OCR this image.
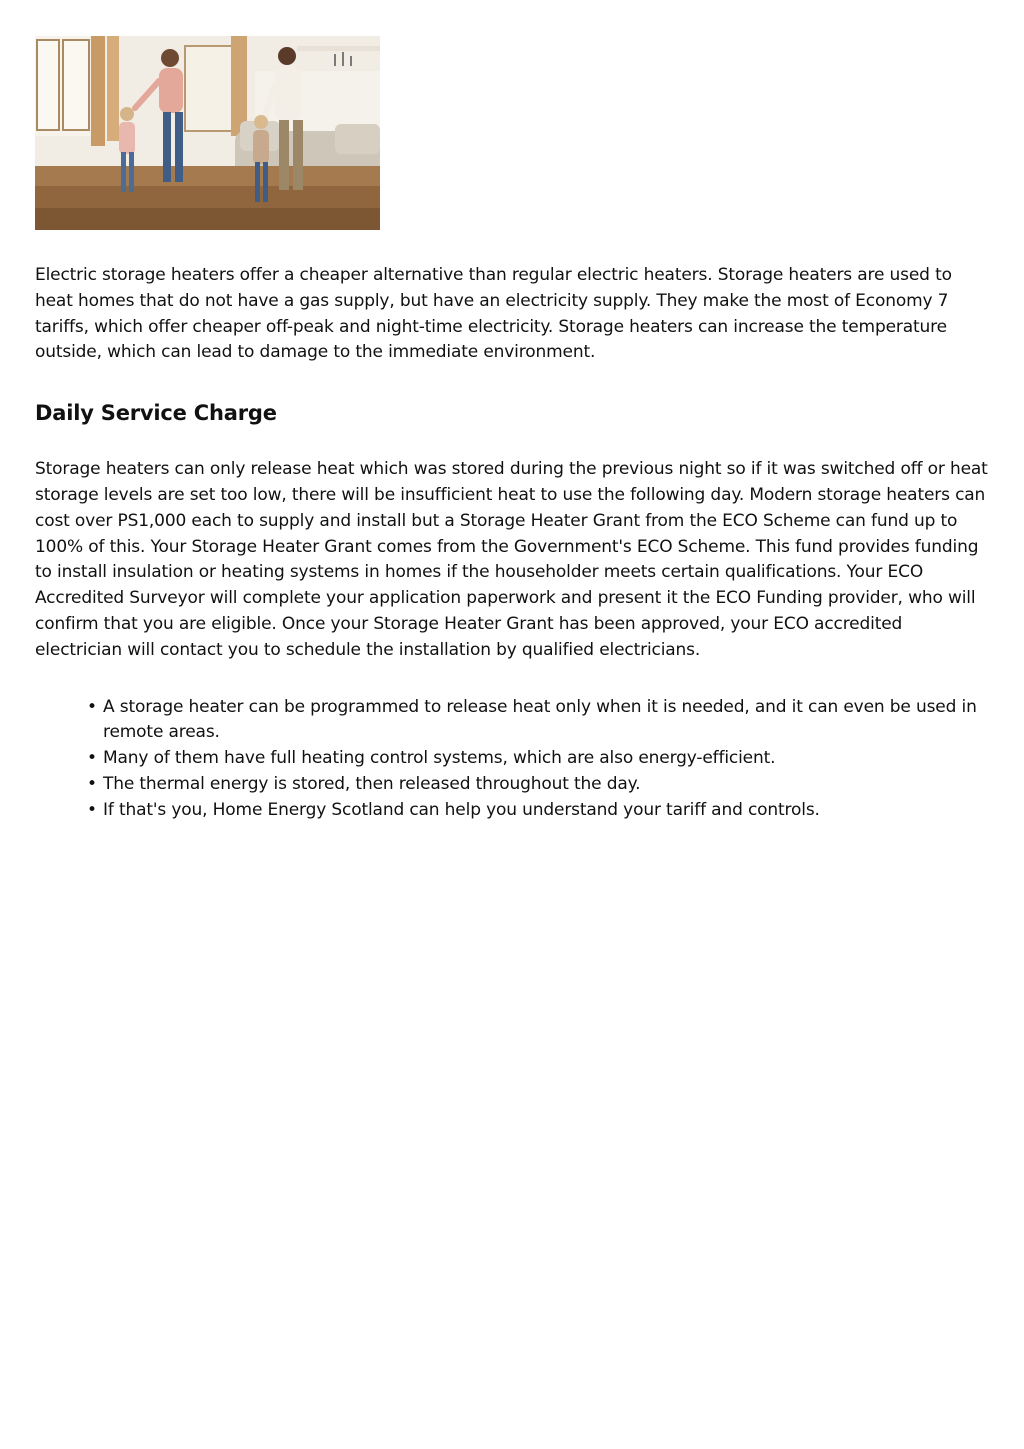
Electric storage heaters offer a cheaper alternative than regular electric heaters. Storage heaters are used to heat homes that do not have a gas supply, but have an electricity supply. They make the most of Economy 7 tariffs, which offer cheaper off-peak and night-time electricity. Storage heaters can increase the temperature outside, which can lead to damage to the immediate environment.

Daily Service Charge

Storage heaters can only release heat which was stored during the previous night so if it was switched off or heat storage levels are set too low, there will be insufficient heat to use the following day. Modern storage heaters can cost over PS1,000 each to supply and install but a Storage Heater Grant from the ECO Scheme can fund up to 100% of this. Your Storage Heater Grant comes from the Government's ECO Scheme. This fund provides funding to install insulation or heating systems in homes if the householder meets certain qualifications. Your ECO Accredited Surveyor will complete your application paperwork and present it the ECO Funding provider, who will confirm that you are eligible. Once your Storage Heater Grant has been approved, your ECO accredited electrician will contact you to schedule the installation by qualified electricians.

• A storage heater can be programmed to release heat only when it is needed, and it can even be used in remote areas.
• Many of them have full heating control systems, which are also energy-efficient.
• The thermal energy is stored, then released throughout the day.
• If that's you, Home Energy Scotland can help you understand your tariff and controls.
